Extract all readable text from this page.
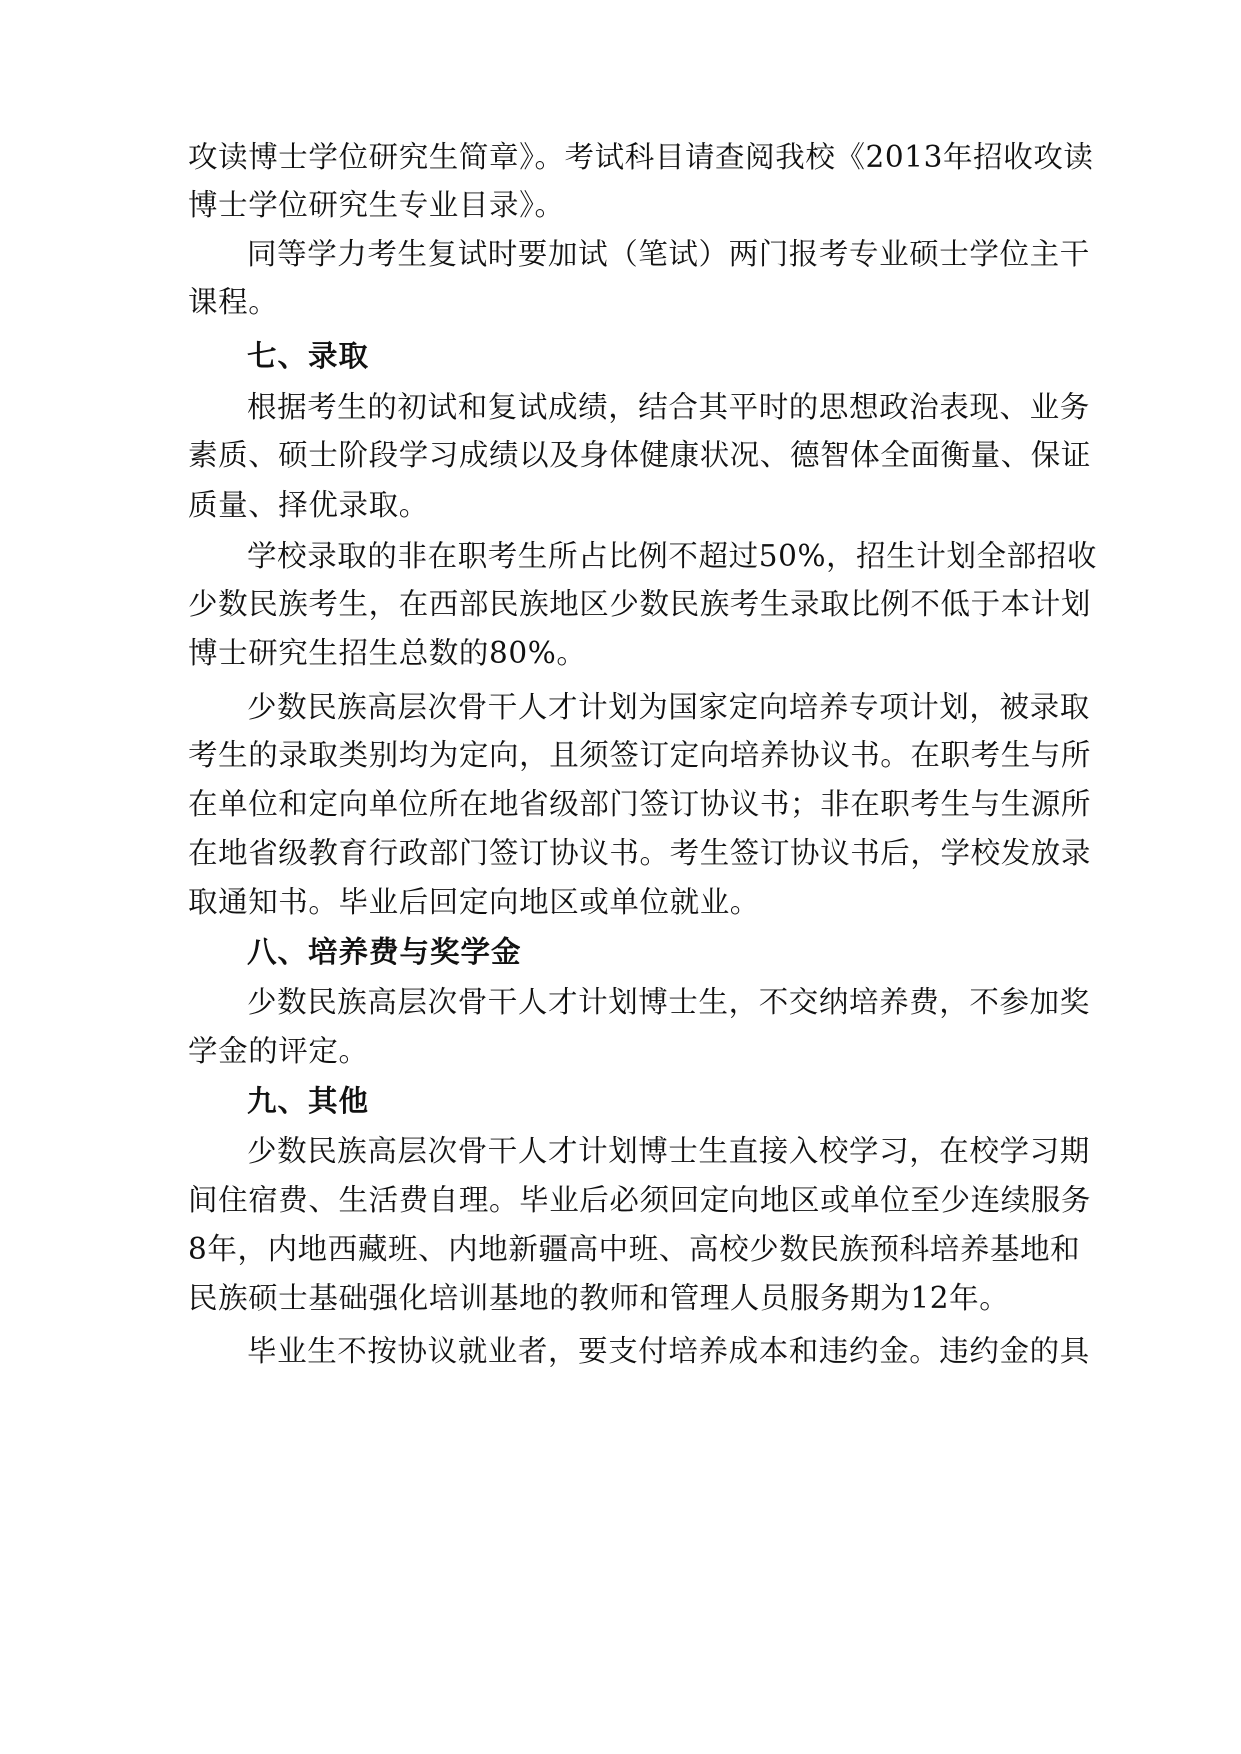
攻读博士学位研究生简章》。考试科目请查阅我校《2013年招收攻读
博士学位研究生专业目录》。
同等学力考生复试时要加试（笔试）两门报考专业硕士学位主干
课程。
七、录取
根据考生的初试和复试成绩，结合其平时的思想政治表现、业务
素质、硕士阶段学习成绩以及身体健康状况、德智体全面衡量、保证
质量、择优录取。
学校录取的非在职考生所占比例不超过50%，招生计划全部招收
少数民族考生，在西部民族地区少数民族考生录取比例不低于本计划
博士研究生招生总数的80%。
少数民族高层次骨干人才计划为国家定向培养专项计划，被录取
考生的录取类别均为定向，且须签订定向培养协议书。在职考生与所
在单位和定向单位所在地省级部门签订协议书；非在职考生与生源所
在地省级教育行政部门签订协议书。考生签订协议书后，学校发放录
取通知书。毕业后回定向地区或单位就业。
八、培养费与奖学金
少数民族高层次骨干人才计划博士生，不交纳培养费，不参加奖
学金的评定。
九、其他
少数民族高层次骨干人才计划博士生直接入校学习，在校学习期
间住宿费、生活费自理。毕业后必须回定向地区或单位至少连续服务
8年，内地西藏班、内地新疆高中班、高校少数民族预科培养基地和
民族硕士基础强化培训基地的教师和管理人员服务期为12年。
毕业生不按协议就业者，要支付培养成本和违约金。违约金的具
